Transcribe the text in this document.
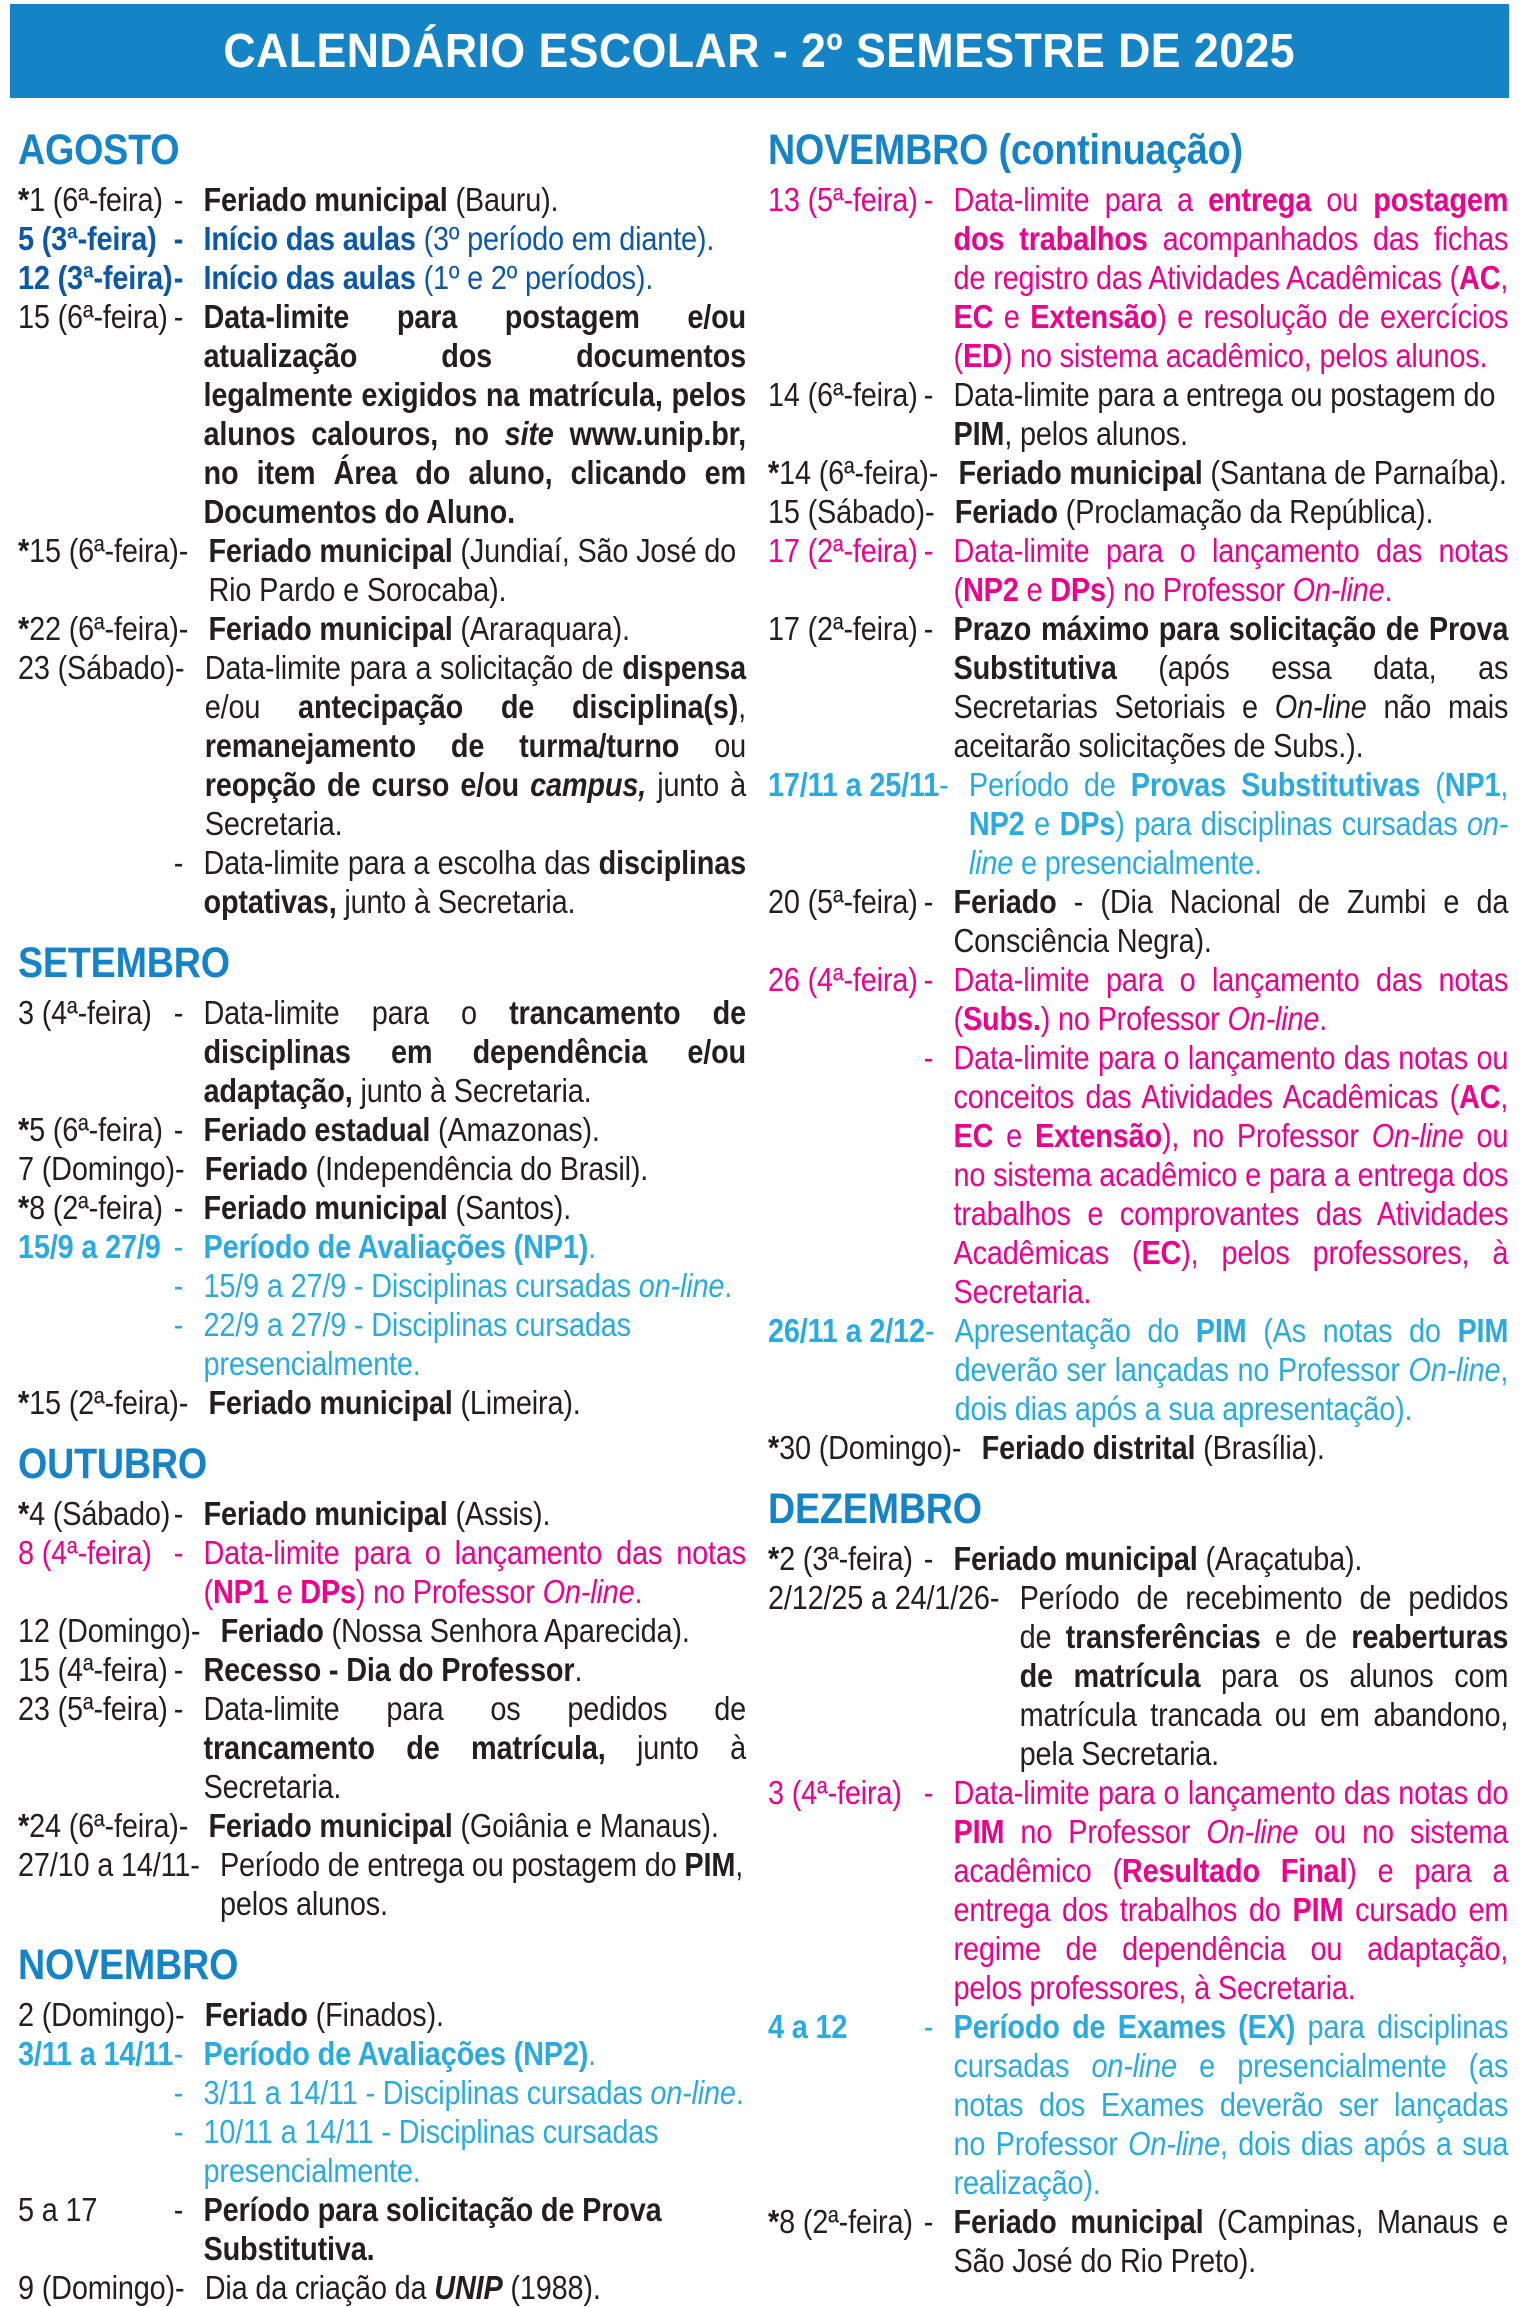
CALENDÁRIO ESCOLAR - 2º SEMESTRE DE 2025
AGOSTO
*1 (6ª-feira) - Feriado municipal (Bauru).
5 (3ª-feira) - Início das aulas (3º período em diante).
12 (3ª-feira) - Início das aulas (1º e 2º períodos).
15 (6ª-feira) - Data-limite para postagem e/ou atualização dos documentos legalmente exigidos na matrícula, pelos alunos calouros, no site www.unip.br, no item Área do aluno, clicando em Documentos do Aluno.
*15 (6ª-feira) - Feriado municipal (Jundiaí, São José do Rio Pardo e Sorocaba).
*22 (6ª-feira) - Feriado municipal (Araraquara).
23 (Sábado) - Data-limite para a solicitação de dispensa e/ou antecipação de disciplina(s), remanejamento de turma/turno ou reopção de curso e/ou campus, junto à Secretaria.
- Data-limite para a escolha das disciplinas optativas, junto à Secretaria.
SETEMBRO
3 (4ª-feira) - Data-limite para o trancamento de disciplinas em dependência e/ou adaptação, junto à Secretaria.
*5 (6ª-feira) - Feriado estadual (Amazonas).
7 (Domingo) - Feriado (Independência do Brasil).
*8 (2ª-feira) - Feriado municipal (Santos).
15/9 a 27/9 - Período de Avaliações (NP1).
- 15/9 a 27/9 - Disciplinas cursadas on-line.
- 22/9 a 27/9 - Disciplinas cursadas presencialmente.
*15 (2ª-feira) - Feriado municipal (Limeira).
OUTUBRO
*4 (Sábado) - Feriado municipal (Assis).
8 (4ª-feira) - Data-limite para o lançamento das notas (NP1 e DPs) no Professor On-line.
12 (Domingo) - Feriado (Nossa Senhora Aparecida).
15 (4ª-feira) - Recesso - Dia do Professor.
23 (5ª-feira) - Data-limite para os pedidos de trancamento de matrícula, junto à Secretaria.
*24 (6ª-feira) - Feriado municipal (Goiânia e Manaus).
27/10 a 14/11 - Período de entrega ou postagem do PIM, pelos alunos.
NOVEMBRO
2 (Domingo) - Feriado (Finados).
3/11 a 14/11 - Período de Avaliações (NP2).
- 3/11 a 14/11 - Disciplinas cursadas on-line.
- 10/11 a 14/11 - Disciplinas cursadas presencialmente.
5 a 17	- Período para solicitação de Prova Substitutiva.
9 (Domingo) - Dia da criação da UNIP (1988).
NOVEMBRO (continuação)
13 (5ª-feira) - Data-limite para a entrega ou postagem dos trabalhos acompanhados das fichas de registro das Atividades Acadêmicas (AC, EC e Extensão) e resolução de exercícios (ED) no sistema acadêmico, pelos alunos.
14 (6ª-feira) - Data-limite para a entrega ou postagem do PIM, pelos alunos.
*14 (6ª-feira) - Feriado municipal (Santana de Parnaíba).
15 (Sábado) - Feriado (Proclamação da República).
17 (2ª-feira) - Data-limite para o lançamento das notas (NP2 e DPs) no Professor On-line.
17 (2ª-feira) - Prazo máximo para solicitação de Prova Substitutiva (após essa data, as Secretarias Setoriais e On-line não mais aceitarão solicitações de Subs.).
17/11 a 25/11 - Período de Provas Substitutivas (NP1, NP2 e DPs) para disciplinas cursadas on-line e presencialmente.
20 (5ª-feira) - Feriado - (Dia Nacional de Zumbi e da Consciência Negra).
26 (4ª-feira) - Data-limite para o lançamento das notas (Subs.) no Professor On-line.
- Data-limite para o lançamento das notas ou conceitos das Atividades Acadêmicas (AC, EC e Extensão), no Professor On-line ou no sistema acadêmico e para a entrega dos trabalhos e comprovantes das Atividades Acadêmicas (EC), pelos professores, à Secretaria.
26/11 a 2/12 - Apresentação do PIM (As notas do PIM deverão ser lançadas no Professor On-line, dois dias após a sua apresentação).
*30 (Domingo) - Feriado distrital (Brasília).
DEZEMBRO
*2 (3ª-feira) - Feriado municipal (Araçatuba).
2/12/25 a 24/1/26 - Período de recebimento de pedidos de transferências e de reaberturas de matrícula para os alunos com matrícula trancada ou em abandono, pela Secretaria.
3 (4ª-feira) - Data-limite para o lançamento das notas do PIM no Professor On-line ou no sistema acadêmico (Resultado Final) e para a entrega dos trabalhos do PIM cursado em regime de dependência ou adaptação, pelos professores, à Secretaria.
4 a 12	- Período de Exames (EX) para disciplinas cursadas on-line e presencialmente (as notas dos Exames deverão ser lançadas no Professor On-line, dois dias após a sua realização).
*8 (2ª-feira) - Feriado municipal (Campinas, Manaus e São José do Rio Preto).
